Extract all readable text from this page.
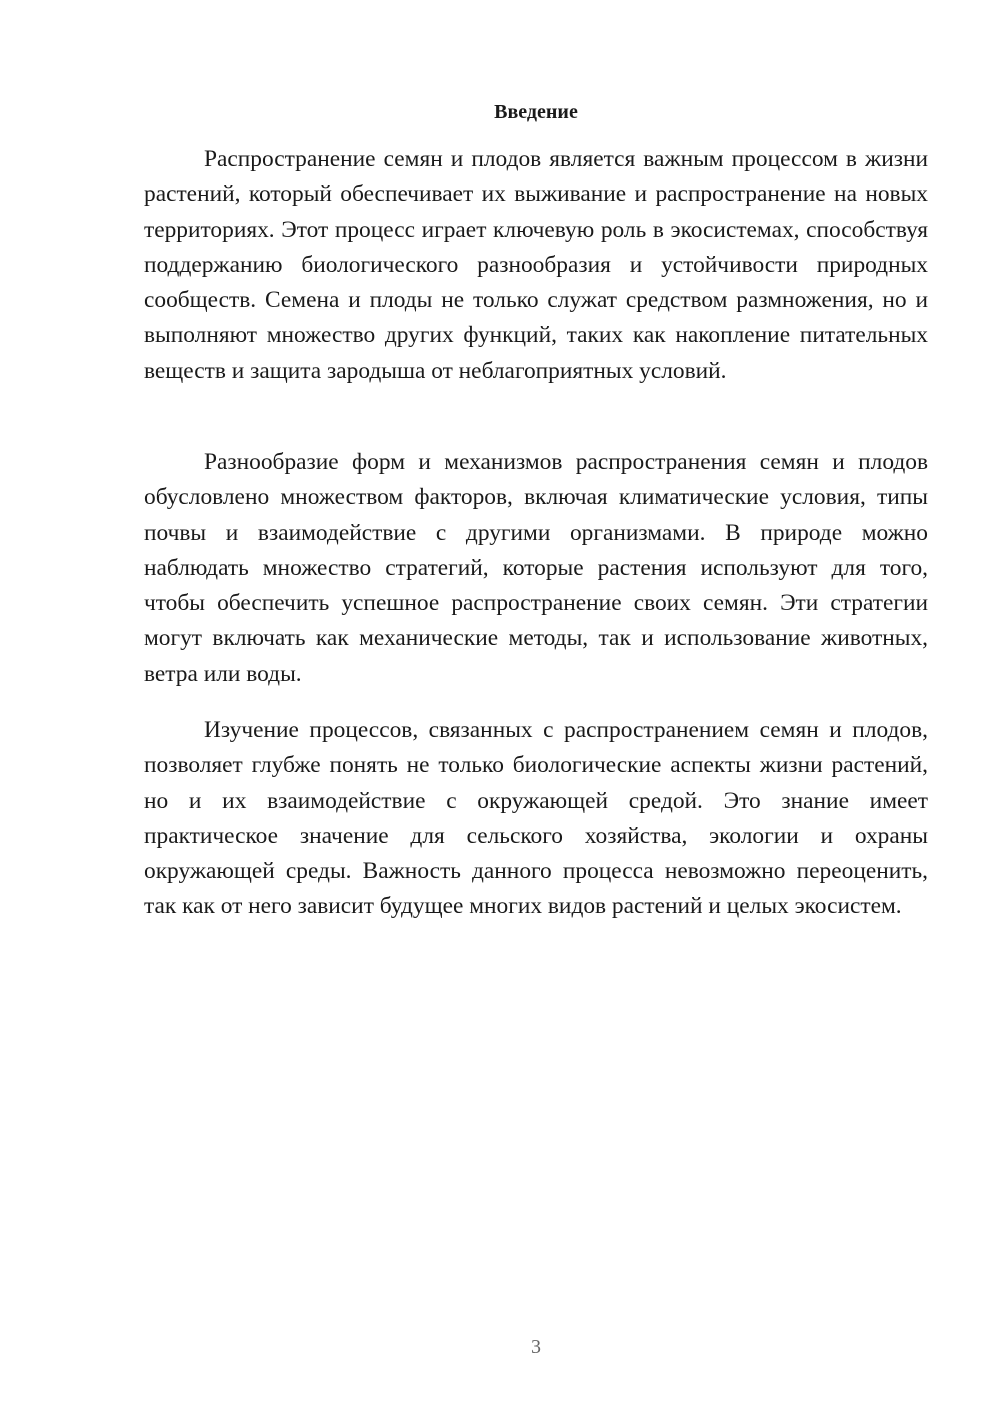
Введение

Распространение семян и плодов является важным процессом в жизни растений, который обеспечивает их выживание и распространение на новых территориях. Этот процесс играет ключевую роль в экосистемах, способствуя поддержанию биологического разнообразия и устойчивости природных сообществ. Семена и плоды не только служат средством размножения, но и выполняют множество других функций, таких как накопление питательных веществ и защита зародыша от неблагоприятных условий.

Разнообразие форм и механизмов распространения семян и плодов обусловлено множеством факторов, включая климатические условия, типы почвы и взаимодействие с другими организмами. В природе можно наблюдать множество стратегий, которые растения используют для того, чтобы обеспечить успешное распространение своих семян. Эти стратегии могут включать как механические методы, так и использование животных, ветра или воды.

Изучение процессов, связанных с распространением семян и плодов, позволяет глубже понять не только биологические аспекты жизни растений, но и их взаимодействие с окружающей средой. Это знание имеет практическое значение для сельского хозяйства, экологии и охраны окружающей среды. Важность данного процесса невозможно переоценить, так как от него зависит будущее многих видов растений и целых экосистем.

3
